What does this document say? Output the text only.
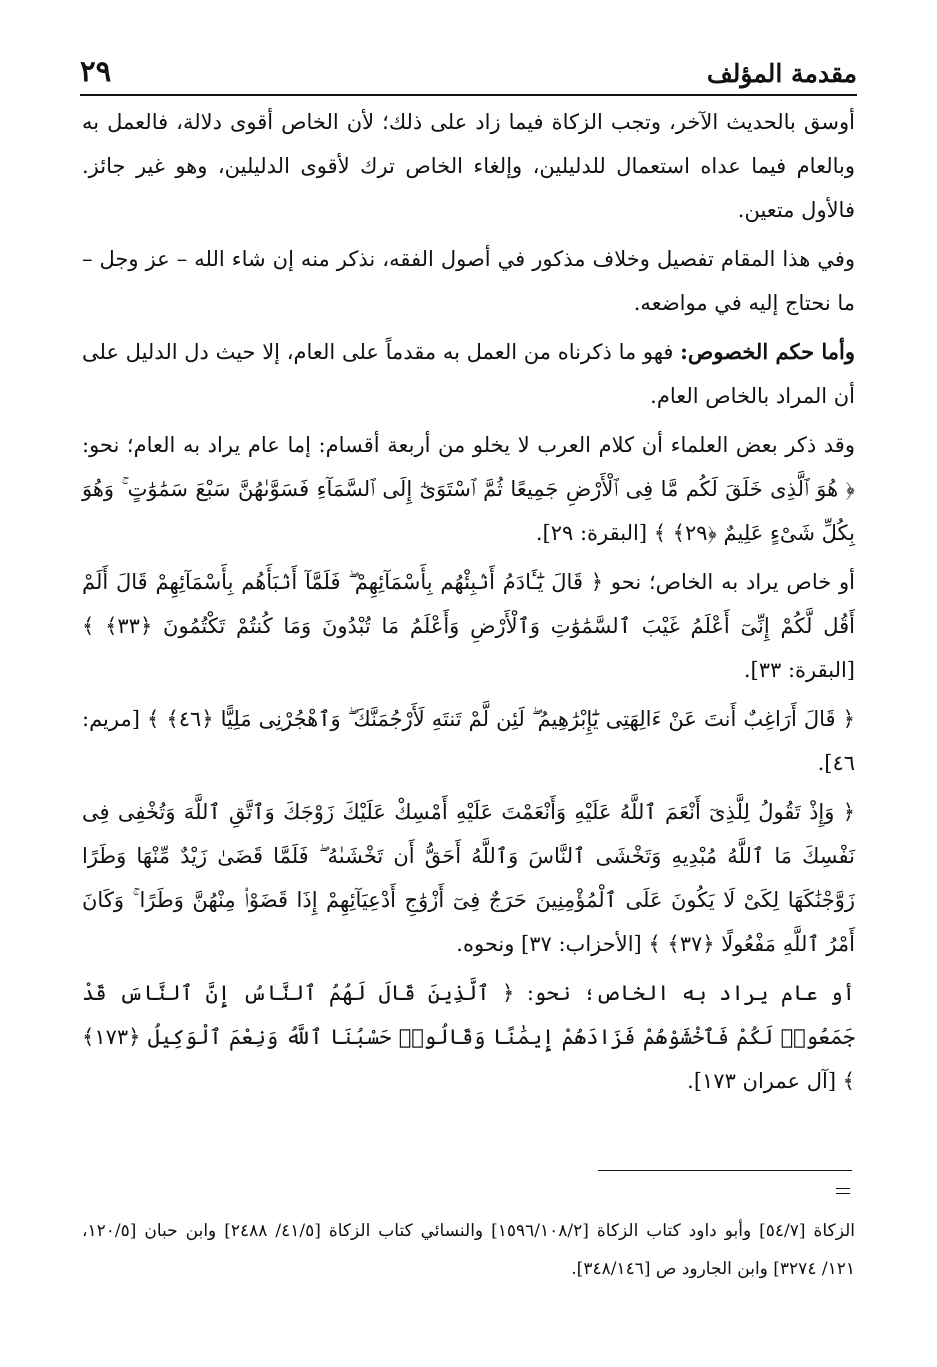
مقدمة المؤلف
٢٩

أوسق بالحديث الآخر، وتجب الزكاة فيما زاد على ذلك؛ لأن الخاص أقوى دلالة، فالعمل به وبالعام فيما عداه استعمال للدليلين، وإلغاء الخاص ترك لأقوى الدليلين، وهو غير جائز. فالأول متعين.

وفي هذا المقام تفصيل وخلاف مذكور في أصول الفقه، نذكر منه إن شاء الله – عز وجل – ما نحتاج إليه في مواضعه.

وأما حكم الخصوص: فهو ما ذكرناه من العمل به مقدماً على العام، إلا حيث دل الدليل على أن المراد بالخاص العام.

وقد ذكر بعض العلماء أن كلام العرب لا يخلو من أربعة أقسام: إما عام يراد به العام؛ نحو: ﴿ هُوَ ٱلَّذِى خَلَقَ لَكُم مَّا فِى ٱلْأَرْضِ جَمِيعًا ثُمَّ ٱسْتَوَىٰٓ إِلَى ٱلسَّمَآءِ فَسَوَّىٰهُنَّ سَبْعَ سَمَٰوَٰتٍ ۚ وَهُوَ بِكُلِّ شَىْءٍ عَلِيمٌ ﴿٢٩﴾ ﴾ [البقرة: ٢٩].

أو خاص يراد به الخاص؛ نحو ﴿ قَالَ يَٰٓـَٔادَمُ أَنۢبِئْهُم بِأَسْمَآئِهِمْ ۖ فَلَمَّآ أَنۢبَأَهُم بِأَسْمَآئِهِمْ قَالَ أَلَمْ أَقُل لَّكُمْ إِنِّىٓ أَعْلَمُ غَيْبَ ٱلسَّمَٰوَٰتِ وَٱلْأَرْضِ وَأَعْلَمُ مَا تُبْدُونَ وَمَا كُنتُمْ تَكْتُمُونَ ﴿٣٣﴾ ﴾ [البقرة: ٣٣].

﴿ قَالَ أَرَاغِبٌ أَنتَ عَنْ ءَالِهَتِى يَٰٓإِبْرَٰهِيمُ ۖ لَئِن لَّمْ تَنتَهِ لَأَرْجُمَنَّكَ ۖ وَٱهْجُرْنِى مَلِيًّا ﴿٤٦﴾ ﴾ [مريم: ٤٦].

﴿ وَإِذْ تَقُولُ لِلَّذِىٓ أَنْعَمَ ٱللَّهُ عَلَيْهِ وَأَنْعَمْتَ عَلَيْهِ أَمْسِكْ عَلَيْكَ زَوْجَكَ وَٱتَّقِ ٱللَّهَ وَتُخْفِى فِى نَفْسِكَ مَا ٱللَّهُ مُبْدِيهِ وَتَخْشَى ٱلنَّاسَ وَٱللَّهُ أَحَقُّ أَن تَخْشَىٰهُ ۖ فَلَمَّا قَضَىٰ زَيْدٌ مِّنْهَا وَطَرًا زَوَّجْنَٰكَهَا لِكَىْ لَا يَكُونَ عَلَى ٱلْمُؤْمِنِينَ حَرَجٌ فِىٓ أَزْوَٰجِ أَدْعِيَآئِهِمْ إِذَا قَضَوْا۟ مِنْهُنَّ وَطَرًا ۚ وَكَانَ أَمْرُ ٱللَّهِ مَفْعُولًا ﴿٣٧﴾ ﴾ [الأحزاب: ٣٧] ونحوه.

أو عام يراد به الخاص؛ نحو: ﴿ ٱلَّذِينَ قَالَ لَهُمُ ٱلنَّاسُ إِنَّ ٱلنَّاسَ قَدْ جَمَعُوا۟ لَكُمْ فَٱخْشَوْهُمْ فَزَادَهُمْ إِيمَٰنًا وَقَالُوا۟ حَسْبُنَا ٱللَّهُ وَنِعْمَ ٱلْوَكِيلُ ﴿١٧٣﴾ ﴾ [آل عمران ١٧٣].

الزكاة [٥٤/٧] وأبو داود كتاب الزكاة [١٥٩٦/١٠٨/٢] والنسائي كتاب الزكاة [٤١/٥/ ٢٤٨٨] وابن حبان [١٢٠/٥، ١٢١/ ٣٢٧٤] وابن الجارود ص [٣٤٨/١٤٦].
